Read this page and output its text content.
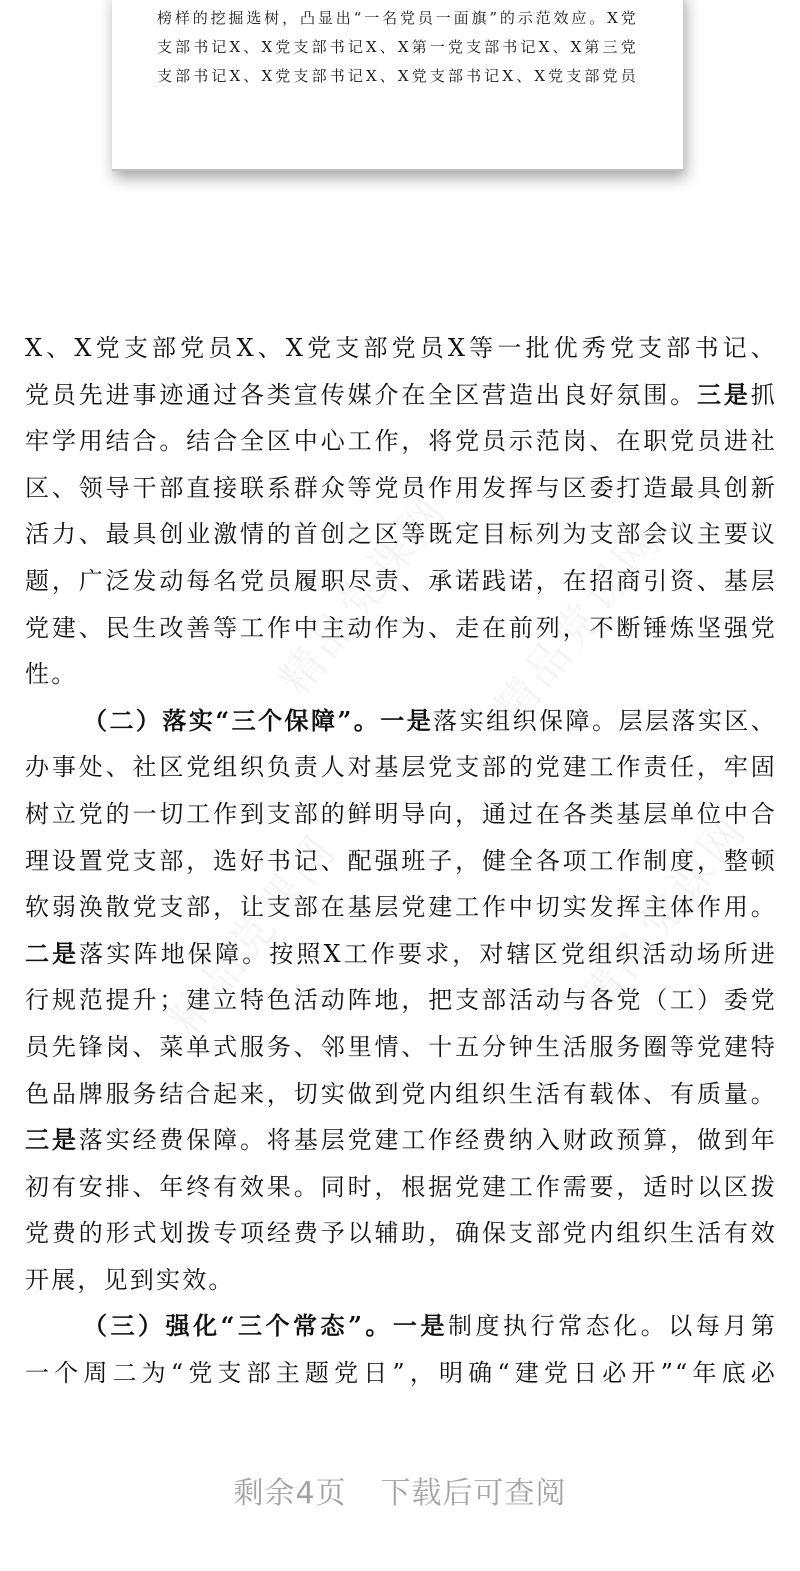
榜样的挖掘选树，凸显出“一名党员一面旗”的示范效应。X党
支部书记X、X党支部书记X、X第一党支部书记X、X第三党
支部书记X、X党支部书记X、X党支部书记X、X党支部党员
X、X党支部党员X、X党支部党员X等一批优秀党支部书记、
党员先进事迹通过各类宣传媒介在全区营造出良好氛围。三是抓
牢学用结合。结合全区中心工作，将党员示范岗、在职党员进社
区、领导干部直接联系群众等党员作用发挥与区委打造最具创新
活力、最具创业激情的首创之区等既定目标列为支部会议主要议
题，广泛发动每名党员履职尽责、承诺践诺，在招商引资、基层
党建、民生改善等工作中主动作为、走在前列，不断锤炼坚强党
性。
（二）落实“三个保障”。一是落实组织保障。层层落实区、
办事处、社区党组织负责人对基层党支部的党建工作责任，牢固
树立党的一切工作到支部的鲜明导向，通过在各类基层单位中合
理设置党支部，选好书记、配强班子，健全各项工作制度，整顿
软弱涣散党支部，让支部在基层党建工作中切实发挥主体作用。
二是落实阵地保障。按照X工作要求，对辖区党组织活动场所进
行规范提升；建立特色活动阵地，把支部活动与各党（工）委党
员先锋岗、菜单式服务、邻里情、十五分钟生活服务圈等党建特
色品牌服务结合起来，切实做到党内组织生活有载体、有质量。
三是落实经费保障。将基层党建工作经费纳入财政预算，做到年
初有安排、年终有效果。同时，根据党建工作需要，适时以区拨
党费的形式划拨专项经费予以辅助，确保支部党内组织生活有效
开展，见到实效。
（三）强化“三个常态”。一是制度执行常态化。以每月第
一个周二为“党支部主题党日”，明确“建党日必开”“年底必
剩余4页 下载后可查阅
